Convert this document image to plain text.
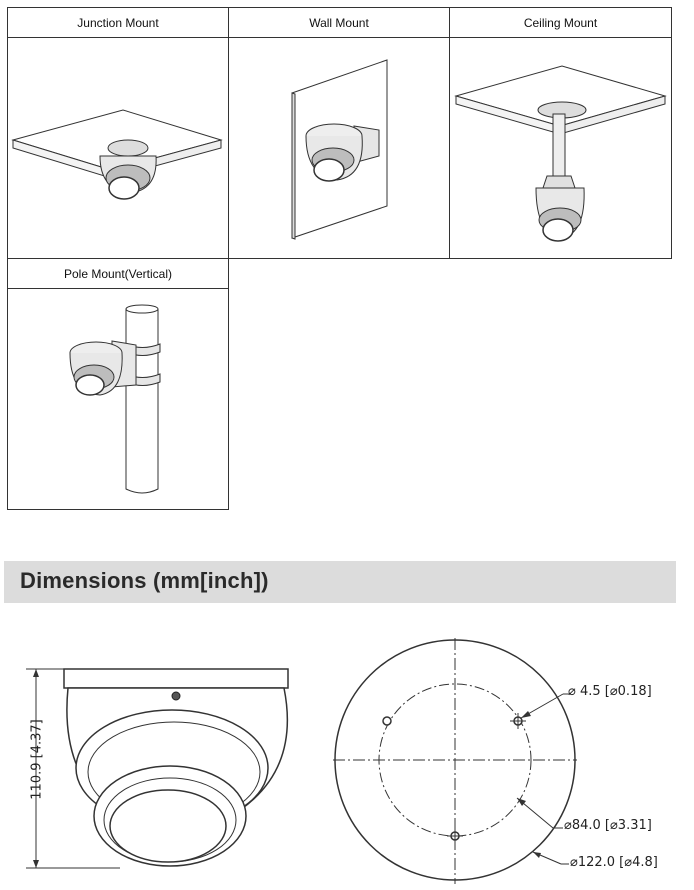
Junction Mount	Wall Mount	Ceiling Mount
Pole Mount(Vertical)
Dimensions (mm[inch])
110.9 [4.37]
⌀ 4.5 [⌀0.18]
⌀84.0 [⌀3.31]
⌀122.0 [⌀4.8]
